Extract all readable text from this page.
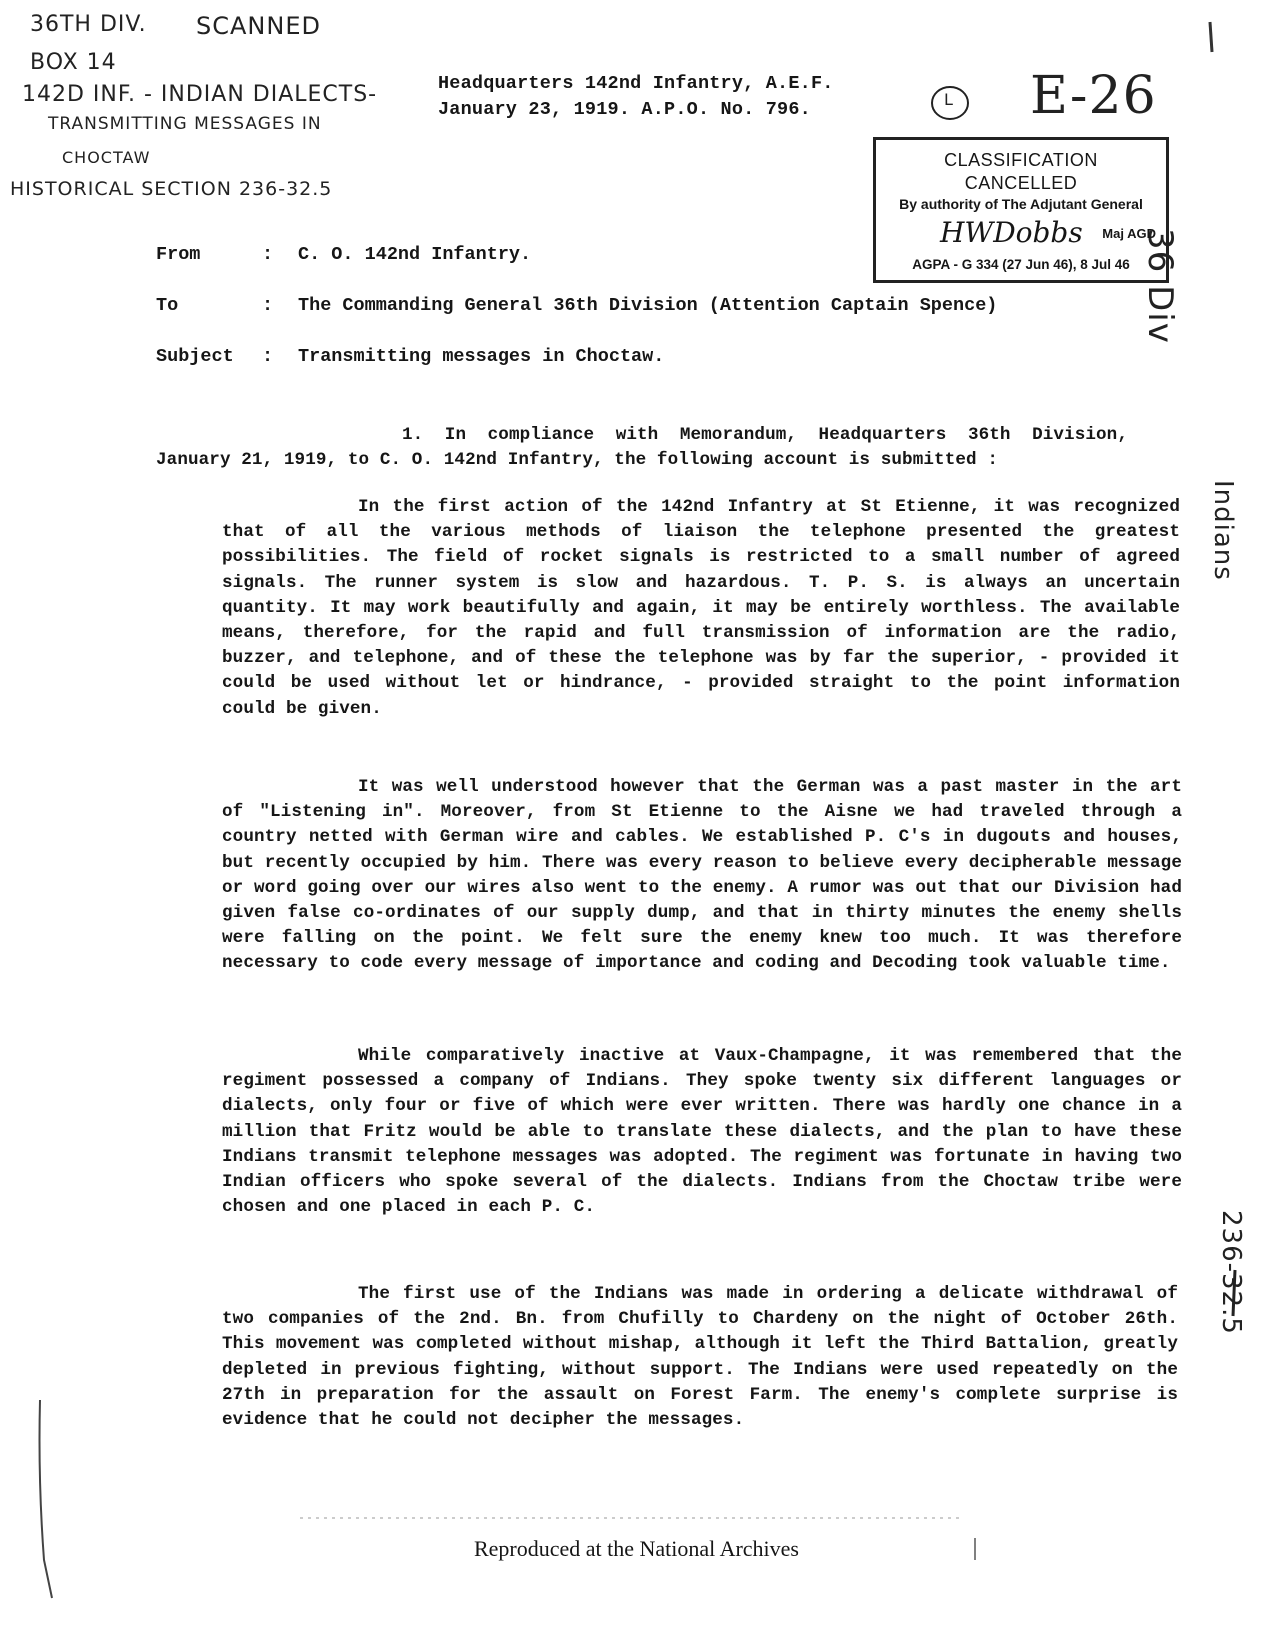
36TH DIV. SCANNED
BOX 14
142D INF. - INDIAN DIALECTS-
TRANSMITTING MESSAGES IN
CHOCTAW
HISTORICAL SECTION 236-32.5
E-26
L
36 Div
Indians
236-32.5
Headquarters 142nd Infantry, A.E.F.
January 23, 1919. A.P.O. No. 796.
CLASSIFICATION
CANCELLED
By authority of The Adjutant General
HWDobbs Maj AGD
AGPA - G 334 (27 Jun 46), 8 Jul 46
From	: C. O. 142nd Infantry.
To	: The Commanding General 36th Division (Attention Captain Spence)
Subject : Transmitting messages in Choctaw.
1. In compliance with Memorandum, Headquarters 36th Division, January 21, 1919, to C. O. 142nd Infantry, the following account is submitted :
In the first action of the 142nd Infantry at St Etienne, it was recognized that of all the various methods of liaison the telephone presented the greatest possibilities. The field of rocket signals is restricted to a small number of agreed signals. The runner system is slow and hazardous. T. P. S. is always an uncertain quantity. It may work beautifully and again, it may be entirely worthless. The available means, therefore, for the rapid and full transmission of information are the radio, buzzer, and telephone, and of these the telephone was by far the superior, - provided it could be used without let or hindrance, - provided straight to the point information could be given.
It was well understood however that the German was a past master in the art of "Listening in". Moreover, from St Etienne to the Aisne we had traveled through a country netted with German wire and cables. We established P. C's in dugouts and houses, but recently occupied by him. There was every reason to believe every decipherable message or word going over our wires also went to the enemy. A rumor was out that our Division had given false co-ordinates of our supply dump, and that in thirty minutes the enemy shells were falling on the point. We felt sure the enemy knew too much. It was therefore necessary to code every message of importance and coding and Decoding took valuable time.
While comparatively inactive at Vaux-Champagne, it was remembered that the regiment possessed a company of Indians. They spoke twenty six different languages or dialects, only four or five of which were ever written. There was hardly one chance in a million that Fritz would be able to translate these dialects, and the plan to have these Indians transmit telephone messages was adopted. The regiment was fortunate in having two Indian officers who spoke several of the dialects. Indians from the Choctaw tribe were chosen and one placed in each P. C.
The first use of the Indians was made in ordering a delicate withdrawal of two companies of the 2nd. Bn. from Chufilly to Chardeny on the night of October 26th. This movement was completed without mishap, although it left the Third Battalion, greatly depleted in previous fighting, without support. The Indians were used repeatedly on the 27th in preparation for the assault on Forest Farm. The enemy's complete surprise is evidence that he could not decipher the messages.
Reproduced at the National Archives
